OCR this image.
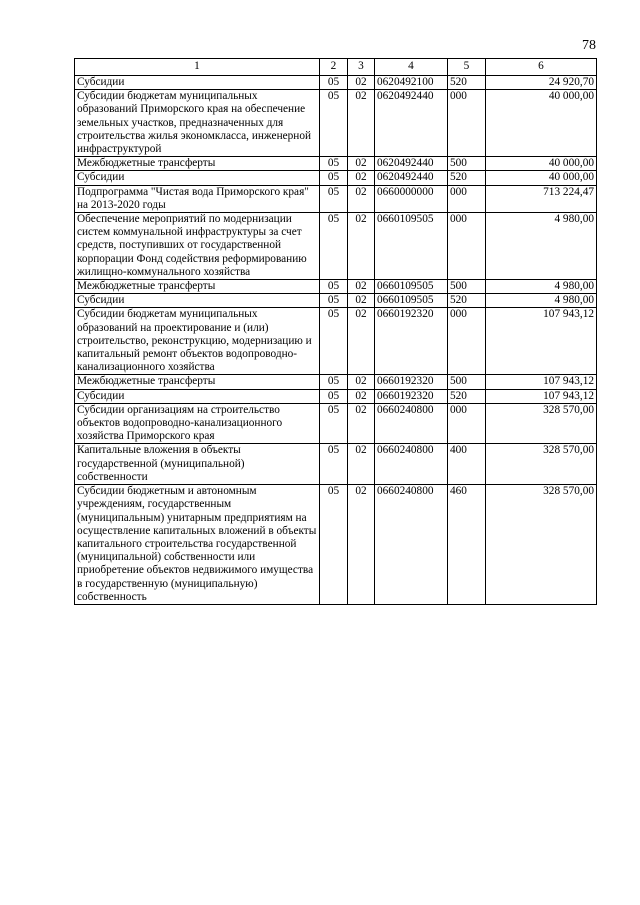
78
1	2	3	4	5	6
Субсидии	05	02	0620492100	520	24 920,70
Субсидии бюджетам муниципальных образований Приморского края на обеспечение земельных участков, предназначенных для строительства жилья экономкласса, инженерной инфраструктурой	05	02	0620492440	000	40 000,00
Межбюджетные трансферты	05	02	0620492440	500	40 000,00
Субсидии	05	02	0620492440	520	40 000,00
Подпрограмма "Чистая вода Приморского края" на 2013-2020 годы	05	02	0660000000	000	713 224,47
Обеспечение мероприятий по модернизации систем коммунальной инфраструктуры за счет средств, поступивших от государственной корпорации Фонд содействия реформированию жилищно-коммунального хозяйства	05	02	0660109505	000	4 980,00
Межбюджетные трансферты	05	02	0660109505	500	4 980,00
Субсидии	05	02	0660109505	520	4 980,00
Субсидии бюджетам муниципальных образований на проектирование и (или) строительство, реконструкцию, модернизацию и капитальный ремонт объектов водопроводно-канализационного хозяйства	05	02	0660192320	000	107 943,12
Межбюджетные трансферты	05	02	0660192320	500	107 943,12
Субсидии	05	02	0660192320	520	107 943,12
Субсидии организациям на строительство объектов водопроводно-канализационного хозяйства Приморского края	05	02	0660240800	000	328 570,00
Капитальные вложения в объекты государственной (муниципальной) собственности	05	02	0660240800	400	328 570,00
Субсидии бюджетным и автономным учреждениям, государственным (муниципальным) унитарным предприятиям на осуществление капитальных вложений в объекты капитального строительства государственной (муниципальной) собственности или приобретение объектов недвижимого имущества в государственную (муниципальную) собственность	05	02	0660240800	460	328 570,00
